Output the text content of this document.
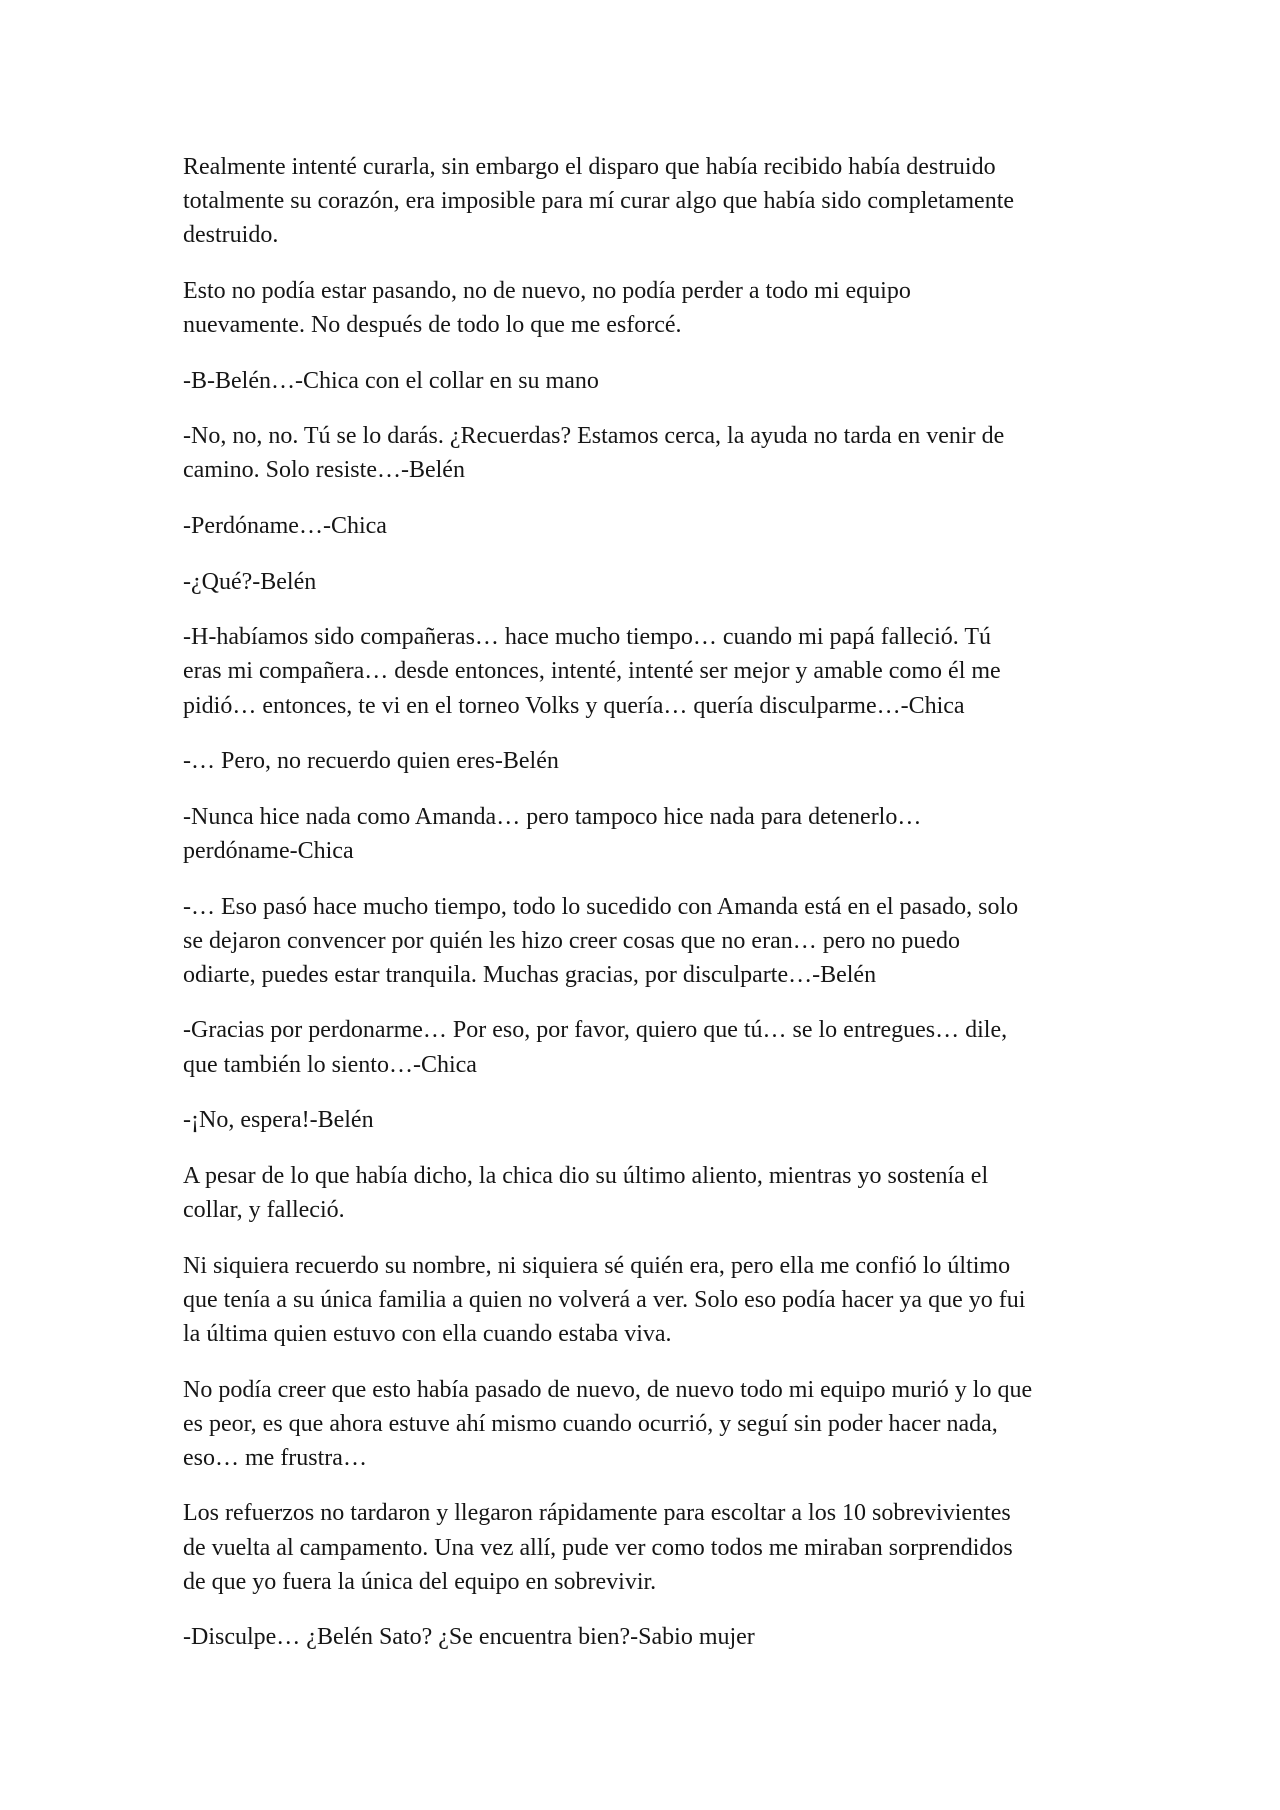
Realmente intenté curarla, sin embargo el disparo que había recibido había destruido
totalmente su corazón, era imposible para mí curar algo que había sido completamente
destruido.

Esto no podía estar pasando, no de nuevo, no podía perder a todo mi equipo
nuevamente. No después de todo lo que me esforcé.

-B-Belén…-Chica con el collar en su mano

-No, no, no. Tú se lo darás. ¿Recuerdas? Estamos cerca, la ayuda no tarda en venir de
camino. Solo resiste…-Belén

-Perdóname…-Chica

-¿Qué?-Belén

-H-habíamos sido compañeras… hace mucho tiempo… cuando mi papá falleció. Tú
eras mi compañera… desde entonces, intenté, intenté ser mejor y amable como él me
pidió… entonces, te vi en el torneo Volks y quería… quería disculparme…-Chica

-… Pero, no recuerdo quien eres-Belén

-Nunca hice nada como Amanda… pero tampoco hice nada para detenerlo…
perdóname-Chica

-… Eso pasó hace mucho tiempo, todo lo sucedido con Amanda está en el pasado, solo
se dejaron convencer por quién les hizo creer cosas que no eran… pero no puedo
odiarte, puedes estar tranquila. Muchas gracias, por disculparte…-Belén

-Gracias por perdonarme… Por eso, por favor, quiero que tú… se lo entregues… dile,
que también lo siento…-Chica

-¡No, espera!-Belén

A pesar de lo que había dicho, la chica dio su último aliento, mientras yo sostenía el
collar, y falleció.

Ni siquiera recuerdo su nombre, ni siquiera sé quién era, pero ella me confió lo último
que tenía a su única familia a quien no volverá a ver. Solo eso podía hacer ya que yo fui
la última quien estuvo con ella cuando estaba viva.

No podía creer que esto había pasado de nuevo, de nuevo todo mi equipo murió y lo que
es peor, es que ahora estuve ahí mismo cuando ocurrió, y seguí sin poder hacer nada,
eso… me frustra…

Los refuerzos no tardaron y llegaron rápidamente para escoltar a los 10 sobrevivientes
de vuelta al campamento. Una vez allí, pude ver como todos me miraban sorprendidos
de que yo fuera la única del equipo en sobrevivir.

-Disculpe… ¿Belén Sato? ¿Se encuentra bien?-Sabio mujer
